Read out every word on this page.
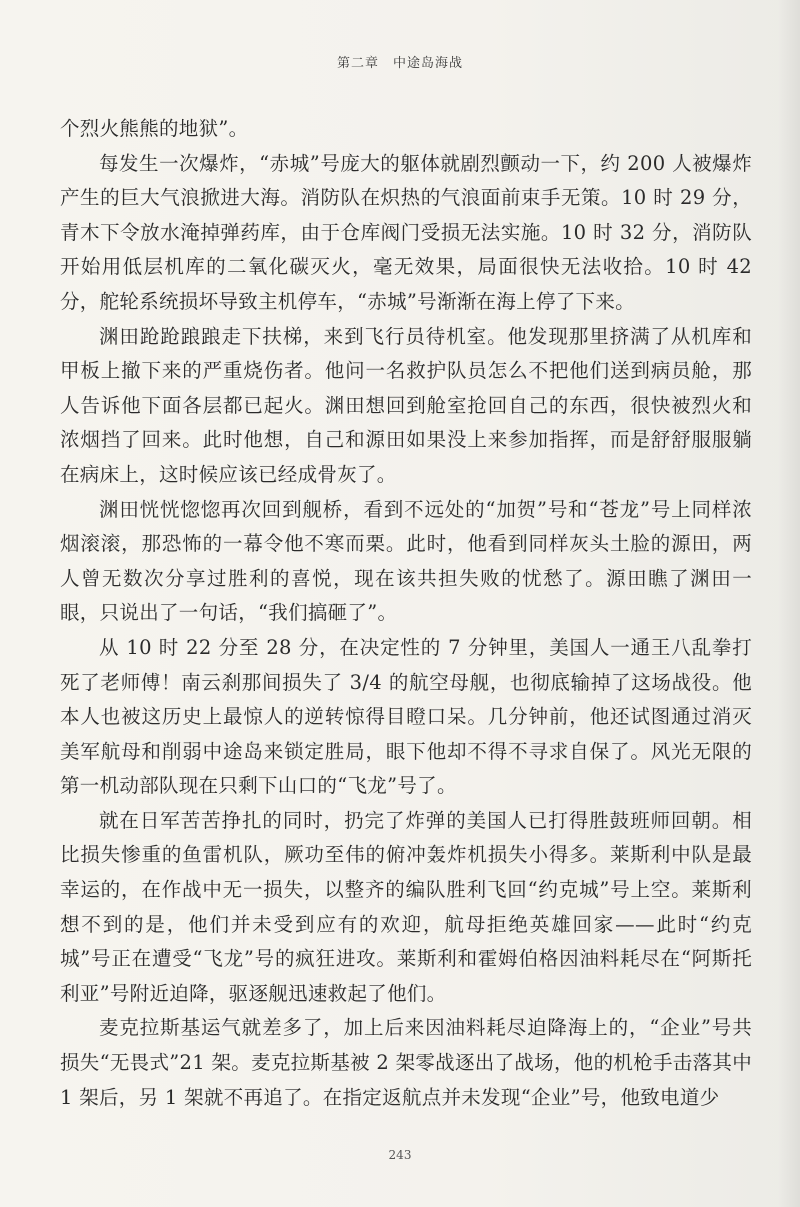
第二章　中途岛海战

个烈火熊熊的地狱”。

每发生一次爆炸，“赤城”号庞大的躯体就剧烈颤动一下，约 200 人被爆炸产生的巨大气浪掀进大海。消防队在炽热的气浪面前束手无策。10 时 29 分，青木下令放水淹掉弹药库，由于仓库阀门受损无法实施。10 时 32 分，消防队开始用低层机库的二氧化碳灭火，毫无效果，局面很快无法收拾。10 时 42 分，舵轮系统损坏导致主机停车，“赤城”号渐渐在海上停了下来。

渊田跄跄踉踉走下扶梯，来到飞行员待机室。他发现那里挤满了从机库和甲板上撤下来的严重烧伤者。他问一名救护队员怎么不把他们送到病员舱，那人告诉他下面各层都已起火。渊田想回到舱室抢回自己的东西，很快被烈火和浓烟挡了回来。此时他想，自己和源田如果没上来参加指挥，而是舒舒服服躺在病床上，这时候应该已经成骨灰了。

渊田恍恍惚惚再次回到舰桥，看到不远处的“加贺”号和“苍龙”号上同样浓烟滚滚，那恐怖的一幕令他不寒而栗。此时，他看到同样灰头土脸的源田，两人曾无数次分享过胜利的喜悦，现在该共担失败的忧愁了。源田瞧了渊田一眼，只说出了一句话，“我们搞砸了”。

从 10 时 22 分至 28 分，在决定性的 7 分钟里，美国人一通王八乱拳打死了老师傅！南云刹那间损失了 3/4 的航空母舰，也彻底输掉了这场战役。他本人也被这历史上最惊人的逆转惊得目瞪口呆。几分钟前，他还试图通过消灭美军航母和削弱中途岛来锁定胜局，眼下他却不得不寻求自保了。风光无限的第一机动部队现在只剩下山口的“飞龙”号了。

就在日军苦苦挣扎的同时，扔完了炸弹的美国人已打得胜鼓班师回朝。相比损失惨重的鱼雷机队，厥功至伟的俯冲轰炸机损失小得多。莱斯利中队是最幸运的，在作战中无一损失，以整齐的编队胜利飞回“约克城”号上空。莱斯利想不到的是，他们并未受到应有的欢迎，航母拒绝英雄回家——此时“约克城”号正在遭受“飞龙”号的疯狂进攻。莱斯利和霍姆伯格因油料耗尽在“阿斯托利亚”号附近迫降，驱逐舰迅速救起了他们。

麦克拉斯基运气就差多了，加上后来因油料耗尽迫降海上的，“企业”号共损失“无畏式”21 架。麦克拉斯基被 2 架零战逐出了战场，他的机枪手击落其中 1 架后，另 1 架就不再追了。在指定返航点并未发现“企业”号，他致电道少

243
